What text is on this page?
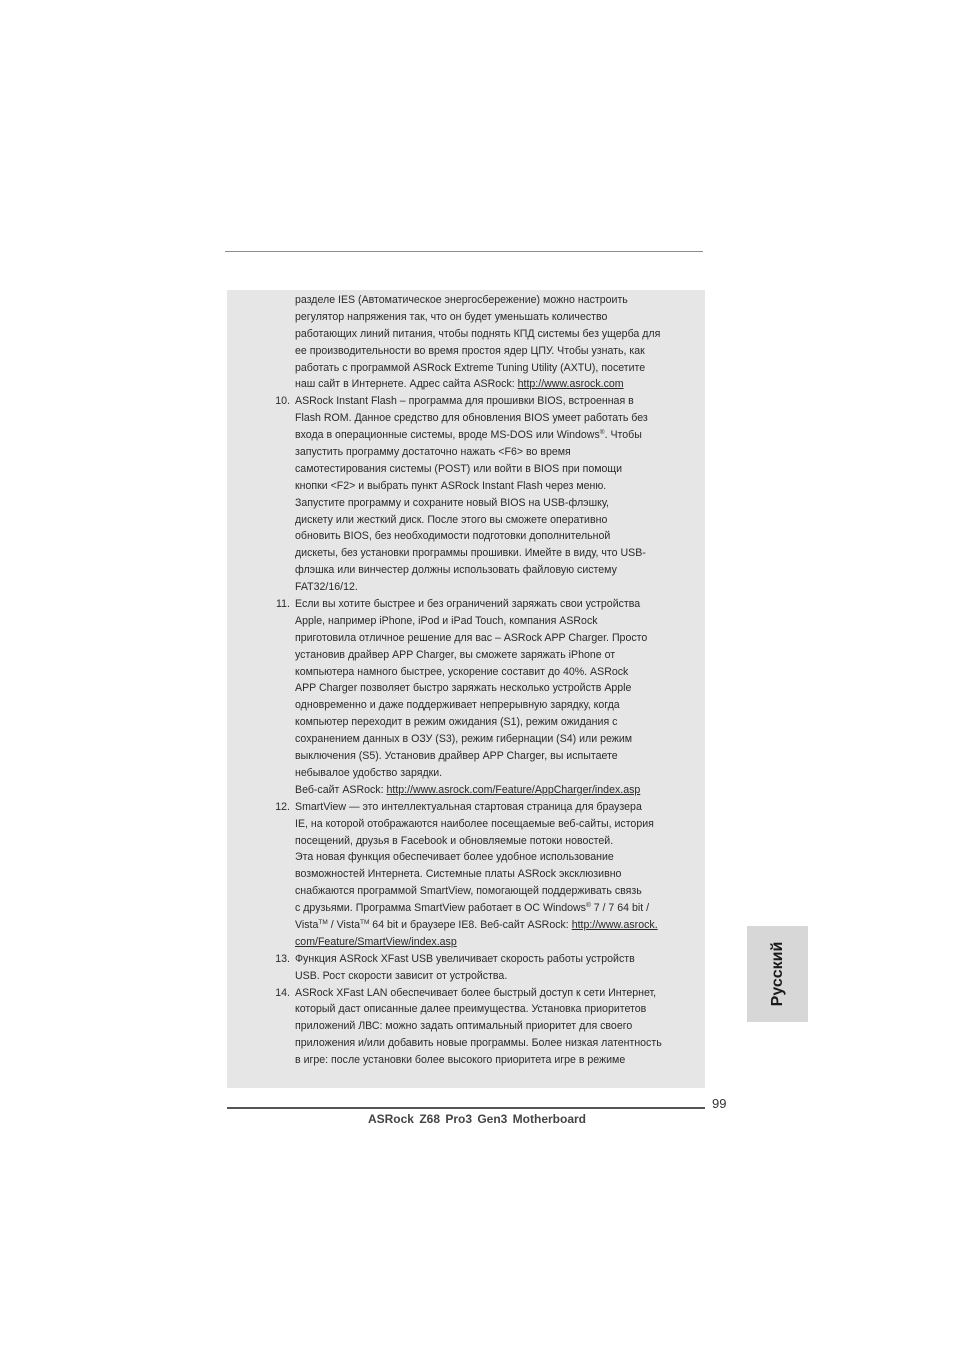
разделе IES (Автоматическое энергосбережение) можно настроить
регулятор напряжения так, что он будет уменьшать количество
работающих линий питания, чтобы поднять КПД системы без ущерба для
ее производительности во время простоя ядер ЦПУ. Чтобы узнать, как
работать с программой ASRock Extreme Tuning Utility (AXTU), посетите
наш сайт в Интернете. Адрес сайта ASRock: http://www.asrock.com
10. ASRock Instant Flash – программа для прошивки BIOS, встроенная в
Flash ROM. Данное средство для обновления BIOS умеет работать без
входа в операционные системы, вроде MS-DOS или Windows®. Чтобы
запустить программу достаточно нажать <F6> во время
самотестирования системы (POST) или войти в BIOS при помощи
кнопки <F2> и выбрать пункт ASRock Instant Flash через меню.
Запустите программу и сохраните новый BIOS на USB-флэшку,
дискету или жесткий диск. После этого вы сможете оперативно
обновить BIOS, без необходимости подготовки дополнительной
дискеты, без установки программы прошивки. Имейте в виду, что USB-
флэшка или винчестер должны использовать файловую систему
FAT32/16/12.
11. Если вы хотите быстрее и без ограничений заряжать свои устройства
Apple, например iPhone, iPod и iPad Touch, компания ASRock
приготовила отличное решение для вас – ASRock APP Charger. Просто
установив драйвер APP Charger, вы сможете заряжать iPhone от
компьютера намного быстрее, ускорение составит до 40%. ASRock
APP Charger позволяет быстро заряжать несколько устройств Apple
одновременно и даже поддерживает непрерывную зарядку, когда
компьютер переходит в режим ожидания (S1), режим ожидания с
сохранением данных в ОЗУ (S3), режим гибернации (S4) или режим
выключения (S5). Установив драйвер APP Charger, вы испытаете
небывалое удобство зарядки.
Веб-сайт ASRock: http://www.asrock.com/Feature/AppCharger/index.asp
12. SmartView — это интеллектуальная стартовая страница для браузера
IE, на которой отображаются наиболее посещаемые веб-сайты, история
посещений, друзья в Facebook и обновляемые потоки новостей.
Эта новая функция обеспечивает более удобное использование
возможностей Интернета. Системные платы ASRock эксклюзивно
снабжаются программой SmartView, помогающей поддерживать связь
с друзьями. Программа SmartView работает в ОС Windows® 7 / 7 64 bit /
Vista™ / Vista™ 64 bit и браузере IE8. Веб-сайт ASRock: http://www.asrock.
com/Feature/SmartView/index.asp
13. Функция ASRock XFast USB увеличивает скорость работы устройств
USB. Рост скорости зависит от устройства.
14. ASRock XFast LAN обеспечивает более быстрый доступ к сети Интернет,
который даст описанные далее преимущества. Установка приоритетов
приложений ЛВС: можно задать оптимальный приоритет для своего
приложения и/или добавить новые программы. Более низкая латентность
в игре: после установки более высокого приоритета игре в режиме
Русский
99
ASRock Z68 Pro3 Gen3 Motherboard
